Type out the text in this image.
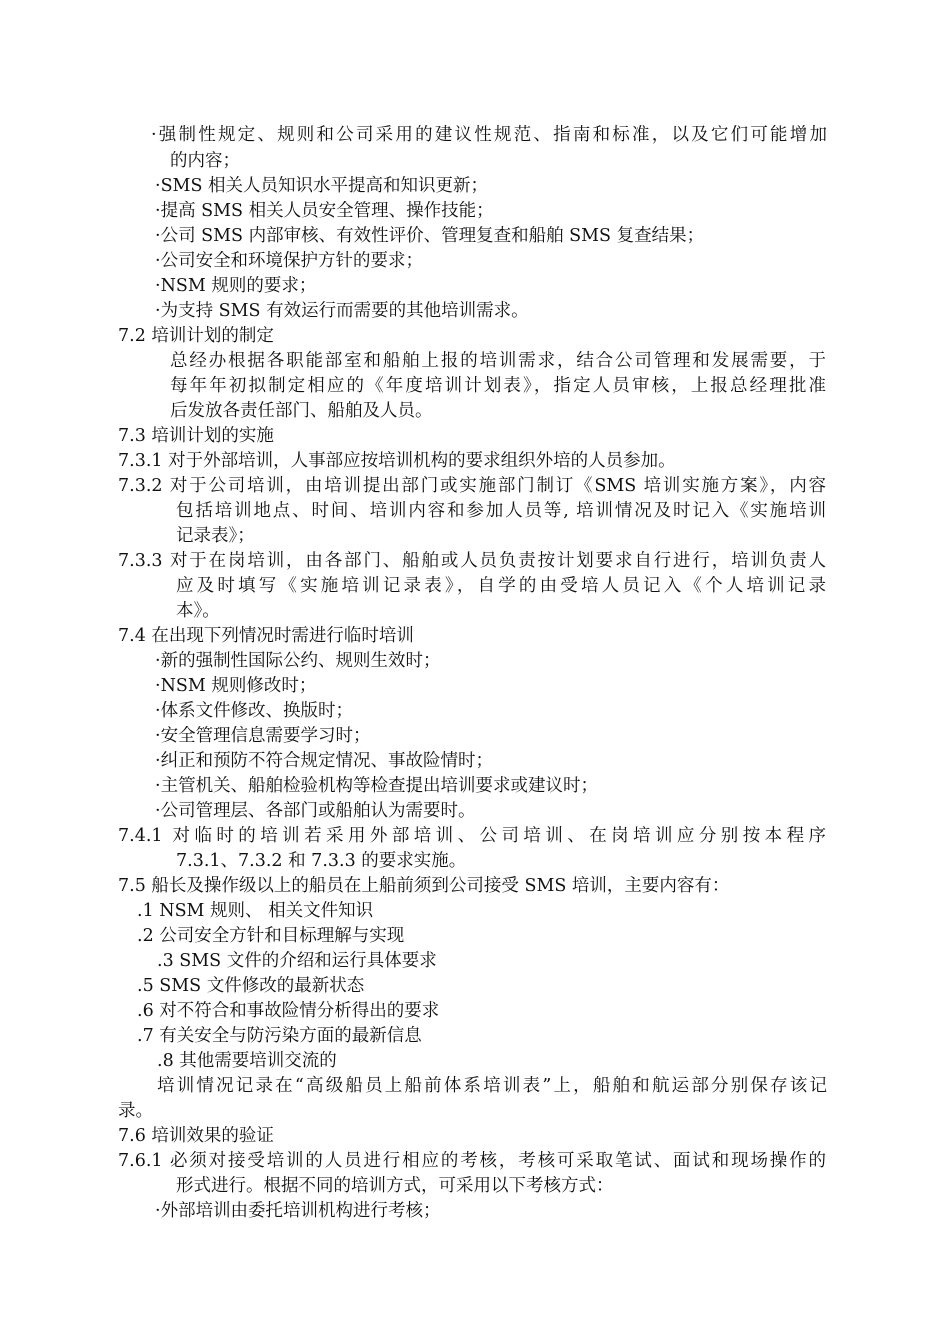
·强制性规定、规则和公司采用的建议性规范、指南和标准，以及它们可能增加
的内容；
·SMS 相关人员知识水平提高和知识更新；
·提高 SMS 相关人员安全管理、操作技能；
·公司 SMS 内部审核、有效性评价、管理复查和船舶 SMS 复查结果；
·公司安全和环境保护方针的要求；
·NSM 规则的要求；
·为支持 SMS 有效运行而需要的其他培训需求。
7.2 培训计划的制定
总经办根据各职能部室和船舶上报的培训需求，结合公司管理和发展需要，于
每年年初拟制定相应的《年度培训计划表》，指定人员审核，上报总经理批准
后发放各责任部门、船舶及人员。
7.3 培训计划的实施
7.3.1 对于外部培训，人事部应按培训机构的要求组织外培的人员参加。
7.3.2 对于公司培训，由培训提出部门或实施部门制订《SMS 培训实施方案》，内容
包括培训地点、时间、培训内容和参加人员等, 培训情况及时记入《实施培训
记录表》；
7.3.3 对于在岗培训，由各部门、船舶或人员负责按计划要求自行进行，培训负责人
应及时填写《实施培训记录表》，自学的由受培人员记入《个人培训记录
本》。
7.4 在出现下列情况时需进行临时培训
·新的强制性国际公约、规则生效时；
·NSM 规则修改时；
·体系文件修改、换版时；
·安全管理信息需要学习时；
·纠正和预防不符合规定情况、事故险情时；
·主管机关、船舶检验机构等检查提出培训要求或建议时；
·公司管理层、各部门或船舶认为需要时。
7.4.1 对临时的培训若采用外部培训、公司培训、在岗培训应分别按本程序
7.3.1、7.3.2 和 7.3.3 的要求实施。
7.5 船长及操作级以上的船员在上船前须到公司接受 SMS 培训，主要内容有：
.1 NSM 规则、 相关文件知识
.2 公司安全方针和目标理解与实现
.3 SMS 文件的介绍和运行具体要求
.5 SMS 文件修改的最新状态
.6 对不符合和事故险情分析得出的要求
.7 有关安全与防污染方面的最新信息
.8 其他需要培训交流的
培训情况记录在“高级船员上船前体系培训表”上，船舶和航运部分别保存该记
录。
7.6 培训效果的验证
7.6.1 必须对接受培训的人员进行相应的考核，考核可采取笔试、面试和现场操作的
形式进行。根据不同的培训方式，可采用以下考核方式：
·外部培训由委托培训机构进行考核；
